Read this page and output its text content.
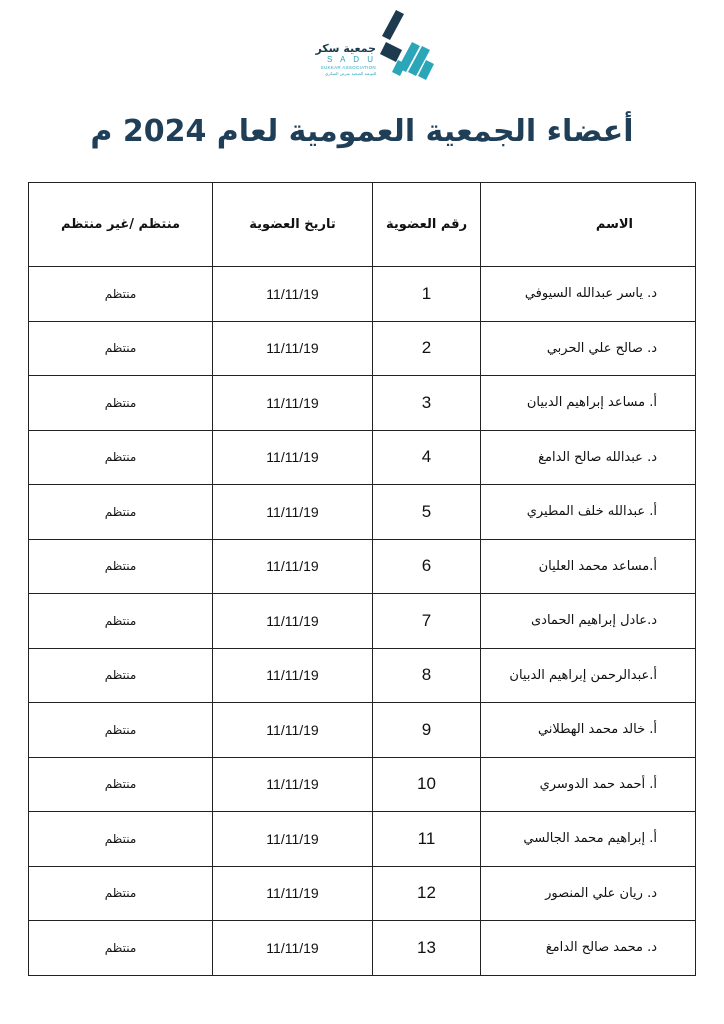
جمعية سكر
S A D U
SUKKAR ASSOCIATION
للتوعية الصحية بمرض السكري
أعضاء الجمعية العمومية لعام 2024 م
الاسم	رقم العضوية	تاريخ العضوية	منتظم /غير منتظم
د. ياسر عبدالله السيوفي	1	11/11/19	منتظم
د. صالح علي الحربي	2	11/11/19	منتظم
أ. مساعد إبراهيم الدبيان	3	11/11/19	منتظم
د. عبدالله صالح الدامغ	4	11/11/19	منتظم
أ. عبدالله خلف المطيري	5	11/11/19	منتظم
أ.مساعد محمد العليان	6	11/11/19	منتظم
د.عادل إبراهيم الحمادى	7	11/11/19	منتظم
أ.عبدالرحمن إبراهيم الدبيان	8	11/11/19	منتظم
أ. خالد محمد الهطلاني	9	11/11/19	منتظم
أ. أحمد حمد الدوسري	10	11/11/19	منتظم
أ. إبراهيم محمد الجالسي	11	11/11/19	منتظم
د. ريان علي المنصور	12	11/11/19	منتظم
د. محمد صالح الدامغ	13	11/11/19	منتظم
